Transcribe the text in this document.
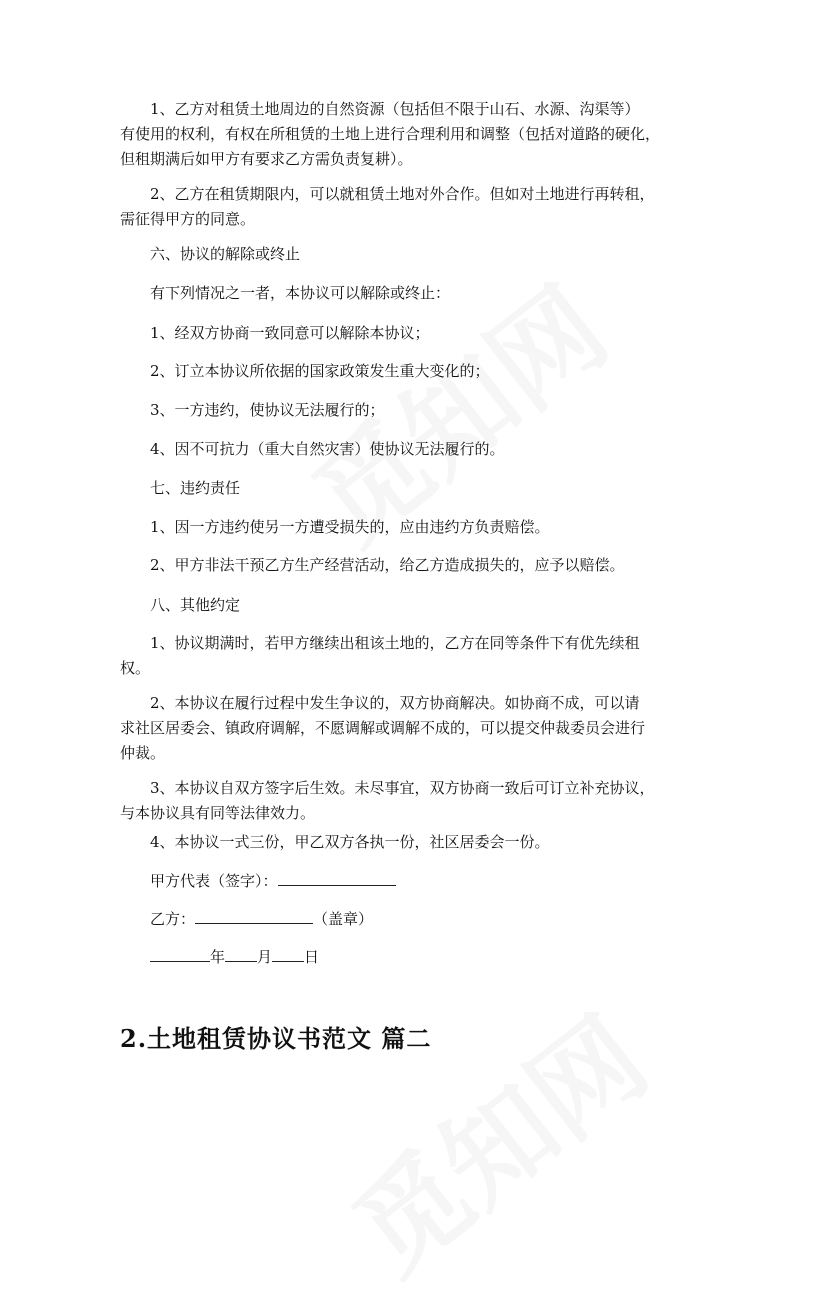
1、乙方对租赁土地周边的自然资源（包括但不限于山石、水源、沟渠等）

有使用的权利，有权在所租赁的土地上进行合理利用和调整（包括对道路的硬化，

但租期满后如甲方有要求乙方需负责复耕）。

2、乙方在租赁期限内，可以就租赁土地对外合作。但如对土地进行再转租，

需征得甲方的同意。

六、协议的解除或终止

有下列情况之一者，本协议可以解除或终止：

1、经双方协商一致同意可以解除本协议；

2、订立本协议所依据的国家政策发生重大变化的；

3、一方违约，使协议无法履行的；

4、因不可抗力（重大自然灾害）使协议无法履行的。

七、违约责任

1、因一方违约使另一方遭受损失的，应由违约方负责赔偿。

2、甲方非法干预乙方生产经营活动，给乙方造成损失的，应予以赔偿。

八、其他约定

1、协议期满时，若甲方继续出租该土地的，乙方在同等条件下有优先续租

权。

2、本协议在履行过程中发生争议的，双方协商解决。如协商不成，可以请

求社区居委会、镇政府调解，不愿调解或调解不成的，可以提交仲裁委员会进行

仲裁。

3、本协议自双方签字后生效。未尽事宜，双方协商一致后可订立补充协议，

与本协议具有同等法律效力。

4、本协议一式三份，甲乙双方各执一份，社区居委会一份。

甲方代表（签字）：

乙方：	（盖章）

年 月 日

2.土地租赁协议书范文 篇二
